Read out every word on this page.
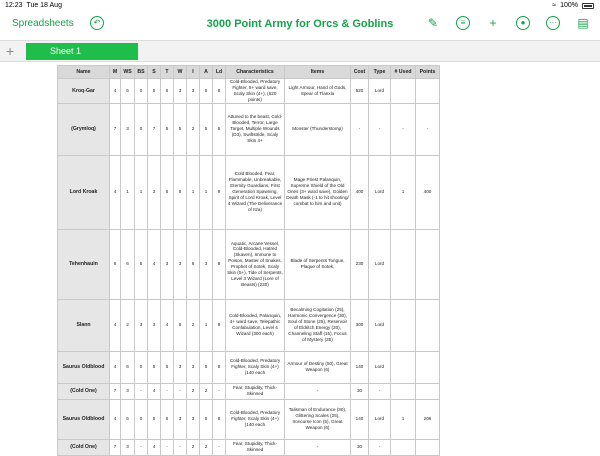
12:23 Tue 18 Aug	≈ 100%
Spreadsheets	↶	3000 Point Army for Orcs & Goblins	✎	≡	+	●	··· ▤
+	Sheet 1
Name	M	WS	BS	S	T	W	I	A	Ld	Characteristics	Items	Cost	Type	# Used	Points
Kroq-Gar	4	6	0	5	5	3	3	5	8	Cold-Blooded, Predatory Fighter, 5+ ward save, Scaly Skin (4+), (520 points)	Light Armour, Hand of Gods, Spear of Tlanxla	520	Lord		
(Grymloq)	7	3	0	7	5	5	2	5	5	Attuned to the beast, Cold-Blooded, Terror, Large Target, Multiple Wounds (D3), Swiftstride, Scaly Skin 4+	Monster (Thunderstomp)	-	-	-	-
Lord Kroak	4	1	1	3	5	6	1	1	9	Cold Blooded, Fear, Flammable, Unbreakable, Eternity Guardians, First Generation Spawning, Spirit of Lord Kroak, Level 4 Wizard (The Deliverance of Itza)	Mage Priest Palanquin, Supreme Shield of the Old Ones (3+ ward save), Golden Death Mask (-1 to hit shooting/ combat to him and unit)	400	Lord	1	400
Tehenhauin	6	6	5	4	3	3	6	3	8	Aquatic, Arcane Vessel, Cold-Blooded, Hatred (Skaven), Immune to Poison, Master of Snakes, Prophet of Sotek, Scaly Skin (5+), Tide of Serpents, Level 3 Wizard (Lore of Beasts) (230)	Blade of Serpents Tongue, Plaque of Sotek,	230	Lord		
Slann	4	2	3	3	4	5	2	1	9	Cold-Blooded, Palanquin, 4+ ward save, Telepathic Confabulation, Level 4 Wizard (300 each)	Becalming Cogitation (25), Harmonic Convergence (30), Soul of Stone (25), Reservoir of Eldritch Energy (20), Channeling Staff (15), Focus of Mystery (35)	300	Lord		
Saurus Oldblood	4	6	0	5	5	3	3	5	8	Cold-Blooded, Predatory Fighter, Scaly Skin (4+) (140 each	Armour of Destiny (50), Great Weapon (6)	140	Lord		
(Cold One)	7	3	-	4	-	-	2	2	-	Fear, Stupidity, Thick-Skinned	-	30	-		
Saurus Oldblood	4	6	0	5	5	3	3	5	8	Cold-Blooded, Predatory Fighter, Scaly Skin (4+) (140 each	Talisman of Endurance (30), Glittering Scales (25), Ironcurse Icon (5), Great Weapon (6)	140	Lord	1	206
(Cold One)	7	3	-	4	-	-	2	2	-	Fear, Stupidity, Thick-Skinned	-	30	-		
